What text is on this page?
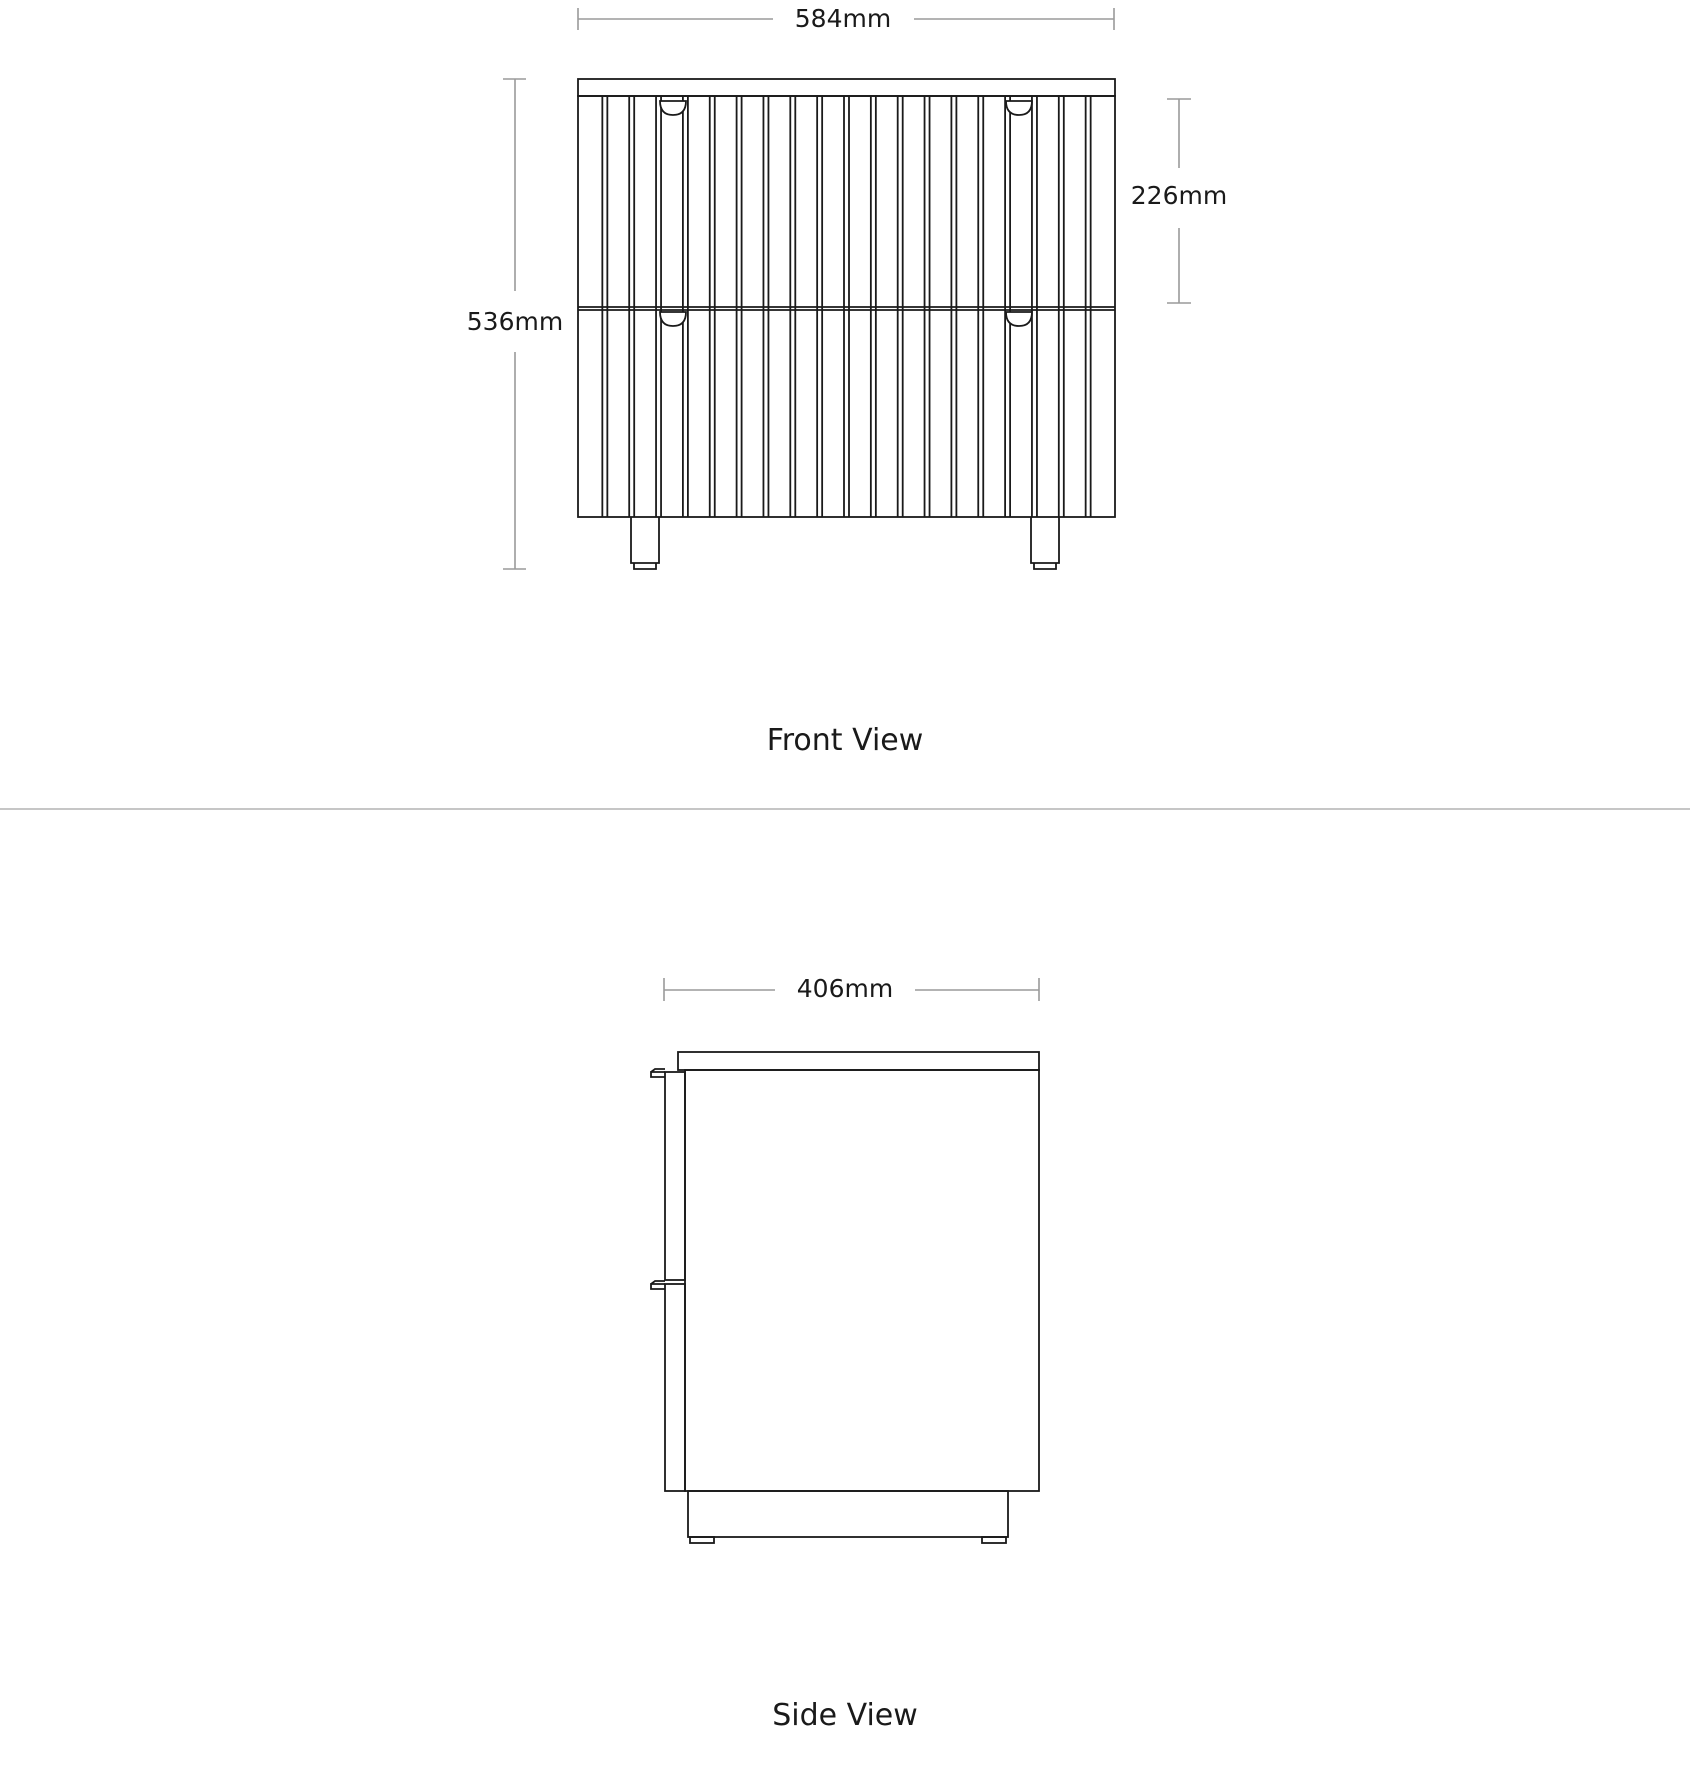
584mm
536mm
226mm
Front View
406mm
Side View
